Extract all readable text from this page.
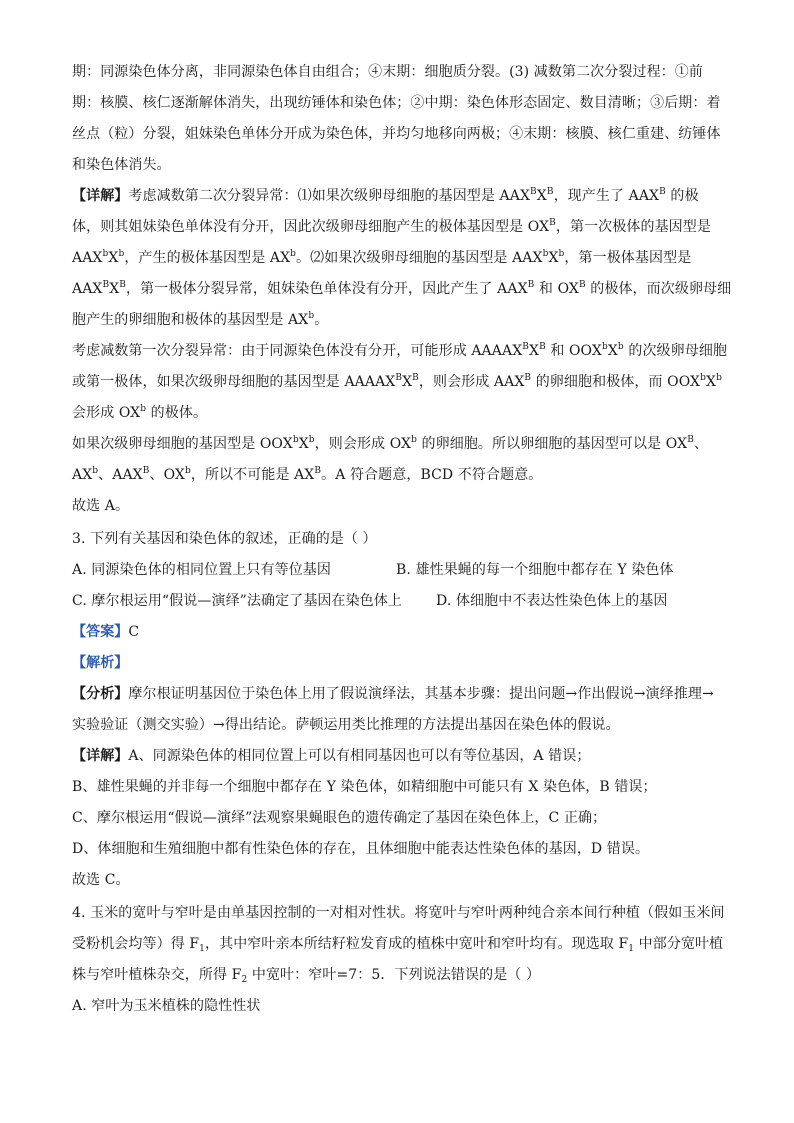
期：同源染色体分离，非同源染色体自由组合；④末期：细胞质分裂。(3) 减数第二次分裂过程：①前
期：核膜、核仁逐渐解体消失，出现纺锤体和染色体；②中期：染色体形态固定、数目清晰；③后期：着
丝点（粒）分裂，姐妹染色单体分开成为染色体，并均匀地移向两极；④末期：核膜、核仁重建、纺锤体
和染色体消失。
【详解】考虑减数第二次分裂异常：⑴如果次级卵母细胞的基因型是 $AAX^BX^B$，现产生了 $AAX^B$ 的极
体，则其姐妹染色单体没有分开，因此次级卵母细胞产生的极体基因型是 $OX^B$，第一次极体的基因型是
$AAX^bX^b$，产生的极体基因型是 $AX^b$。⑵如果次级卵母细胞的基因型是 $AAX^bX^b$，第一极体基因型是
$AAX^BX^B$，第一极体分裂异常，姐妹染色单体没有分开，因此产生了 $AAX^B$ 和 $OX^B$ 的极体，而次级卵母细
胞产生的卵细胞和极体的基因型是 $AX^b$。
考虑减数第一次分裂异常：由于同源染色体没有分开，可能形成 $AAAAX^BX^B$ 和 $OOX^bX^b$ 的次级卵母细胞
或第一极体，如果次级卵母细胞的基因型是 $AAAAX^BX^B$，则会形成 $AAX^B$ 的卵细胞和极体，而 $OOX^bX^b$
会形成 $OX^b$ 的极体。
如果次级卵母细胞的基因型是 $OOX^bX^b$，则会形成 $OX^b$ 的卵细胞。所以卵细胞的基因型可以是 $OX^B$、
$AX^b$、$AAX^B$、$OX^b$，所以不可能是 $AX^B$。A 符合题意，BCD 不符合题意。
故选 A。
3. 下列有关基因和染色体的叙述，正确的是（ ）
A. 同源染色体的相同位置上只有等位基因	B. 雄性果蝇的每一个细胞中都存在 Y 染色体
C. 摩尔根运用“假说—演绎”法确定了基因在染色体上 D. 体细胞中不表达性染色体上的基因
【答案】C
【解析】
【分析】摩尔根证明基因位于染色体上用了假说演绎法，其基本步骤：提出问题→作出假说→演绎推理→
实验验证（测交实验）→得出结论。萨顿运用类比推理的方法提出基因在染色体的假说。
【详解】A、同源染色体的相同位置上可以有相同基因也可以有等位基因，A 错误；
B、雄性果蝇的并非每一个细胞中都存在 Y 染色体，如精细胞中可能只有 X 染色体，B 错误；
C、摩尔根运用“假说—演绎”法观察果蝇眼色的遗传确定了基因在染色体上，C 正确；
D、体细胞和生殖细胞中都有性染色体的存在，且体细胞中能表达性染色体的基因，D 错误。
故选 C。
4. 玉米的宽叶与窄叶是由单基因控制的一对相对性状。将宽叶与窄叶两种纯合亲本间行种植（假如玉米间
受粉机会均等）得 $F_1$，其中窄叶亲本所结籽粒发育成的植株中宽叶和窄叶均有。现选取 $F_1$ 中部分宽叶植
株与窄叶植株杂交，所得 $F_2$ 中宽叶：窄叶=7：5．下列说法错误的是（ ）
A. 窄叶为玉米植株的隐性性状
